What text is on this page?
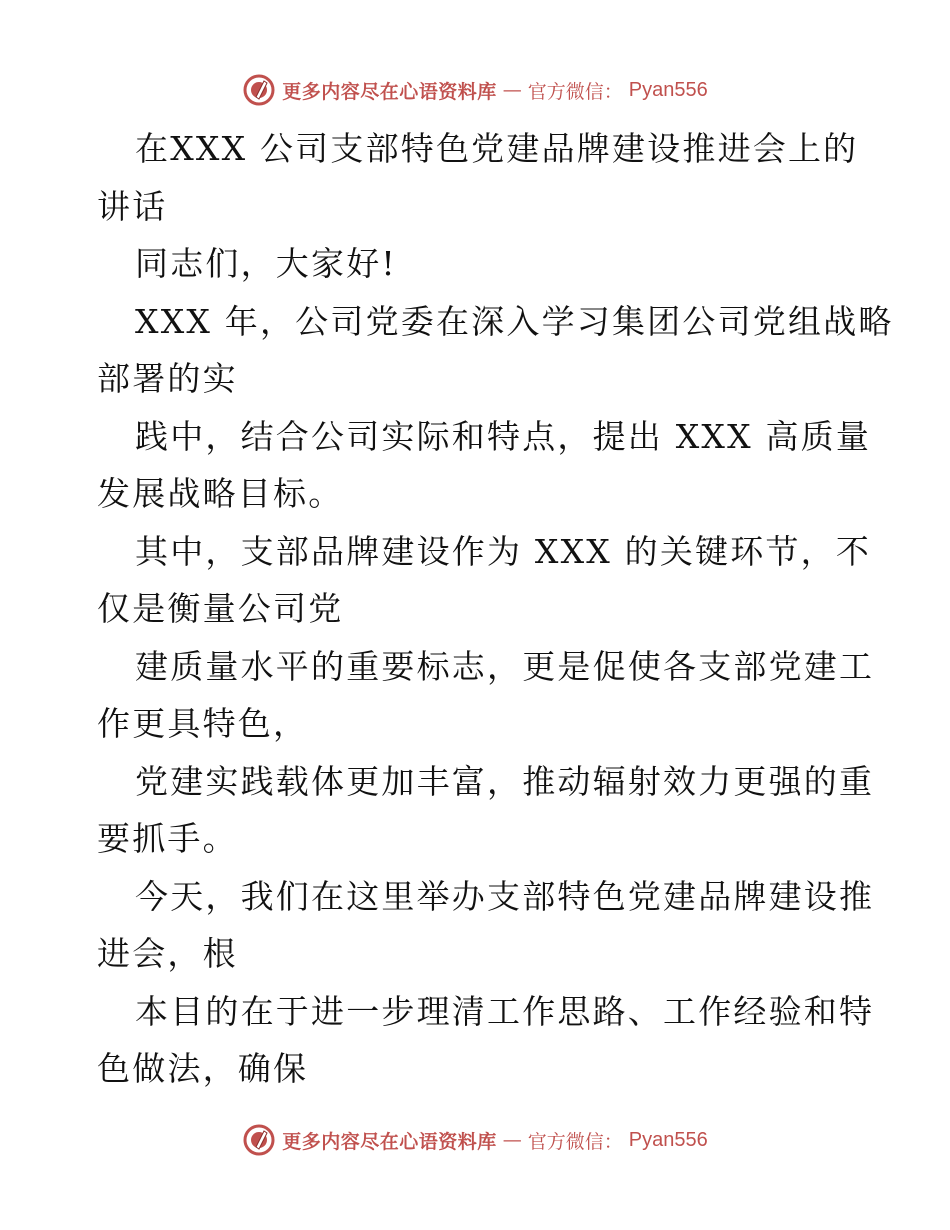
更多内容尽在心语资料库 — 官方微信： Pyan556
在XXX 公司支部特色党建品牌建设推进会上的
讲话
同志们，大家好!
XXX 年，公司党委在深入学习集团公司党组战略
部署的实
践中，结合公司实际和特点，提出 XXX 高质量
发展战略目标。
其中，支部品牌建设作为 XXX 的关键环节，不
仅是衡量公司党
建质量水平的重要标志，更是促使各支部党建工
作更具特色，
党建实践载体更加丰富，推动辐射效力更强的重
要抓手。
今天，我们在这里举办支部特色党建品牌建设推
进会，根
本目的在于进一步理清工作思路、工作经验和特
色做法，确保
更多内容尽在心语资料库 — 官方微信： Pyan556
